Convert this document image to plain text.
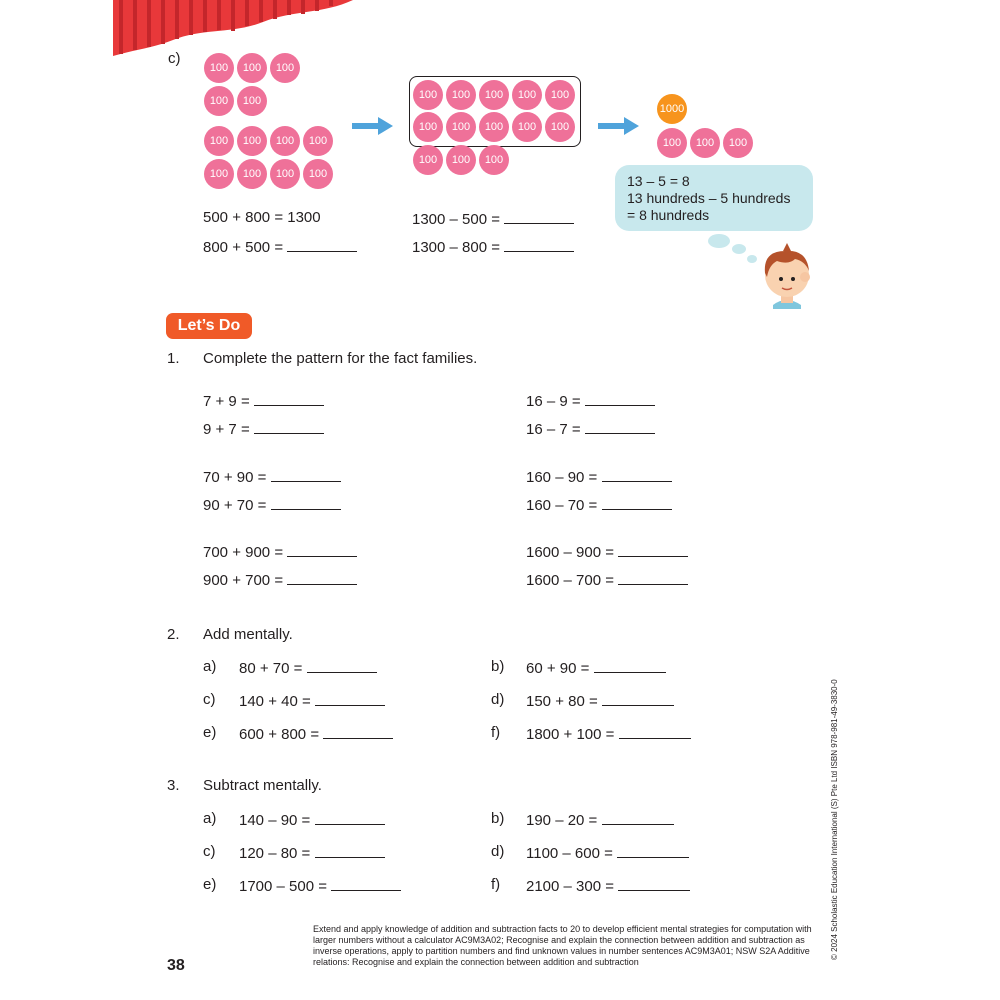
c)
100	100	100
100	100
100	100	100	100
100	100	100	100
100	100	100	100	100
100	100	100	100	100
100	100	100
1000
100	100	100
13 – 5 = 8
13 hundreds – 5 hundreds
= 8 hundreds
500 + 800 = 1300
800 + 500 =
1300 – 500 =
1300 – 800 =
Let’s Do
1. Complete the pattern for the fact families.
7 + 9 =
9 + 7 =
70 + 90 =
90 + 70 =
700 + 900 =
900 + 700 =
16 – 9 =
16 – 7 =
160 – 90 =
160 – 70 =
1600 – 900 =
1600 – 700 =
2. Add mentally.
a) 80 + 70 =	b) 60 + 90 =
c) 140 + 40 =	d) 150 + 80 =
e) 600 + 800 =	f) 1800 + 100 =
3. Subtract mentally.
a) 140 – 90 =	b) 190 – 20 =
c) 120 – 80 =	d) 1100 – 600 =
e) 1700 – 500 =	f) 2100 – 300 =
38
Extend and apply knowledge of addition and subtraction facts to 20 to develop efficient mental strategies for computation with larger numbers without a calculator AC9M3A02; Recognise and explain the connection between addition and subtraction as inverse operations, apply to partition numbers and find unknown values in number sentences AC9M3A01; NSW S2A Additive relations: Recognise and explain the connection between addition and subtraction
© 2024 Scholastic Education International (S) Pte Ltd ISBN 978-981-49-3830-0
